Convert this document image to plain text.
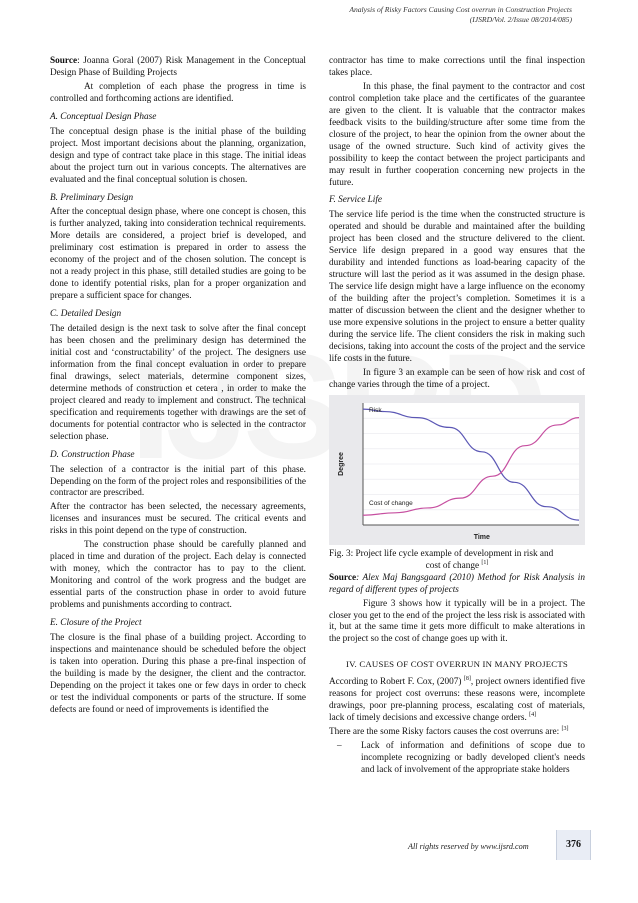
Analysis of Risky Factors Causing Cost overrun in Construction Projects
(IJSRD/Vol. 2/Issue 08/2014/085)

Source: Joanna Goral (2007) Risk Management in the Conceptual Design Phase of Building Projects

At completion of each phase the progress in time is controlled and forthcoming actions are identified.

A. Conceptual Design Phase

The conceptual design phase is the initial phase of the building project. Most important decisions about the planning, organization, design and type of contract take place in this stage. The initial ideas about the project turn out in various concepts. The alternatives are evaluated and the final conceptual solution is chosen.

B. Preliminary Design

After the conceptual design phase, where one concept is chosen, this is further analyzed, taking into consideration technical requirements. More details are considered, a project brief is developed, and preliminary cost estimation is prepared in order to assess the economy of the project and of the chosen solution. The concept is not a ready project in this phase, still detailed studies are going to be done to identify potential risks, plan for a proper organization and prepare a sufficient space for changes.

C. Detailed Design

The detailed design is the next task to solve after the final concept has been chosen and the preliminary design has determined the initial cost and ‘constructability’ of the project. The designers use information from the final concept evaluation in order to prepare final drawings, select materials, determine component sizes, determine methods of construction et cetera , in order to make the project cleared and ready to implement and construct. The technical specification and requirements together with drawings are the set of documents for potential contractor who is selected in the contractor selection phase.

D. Construction Phase

The selection of a contractor is the initial part of this phase. Depending on the form of the project roles and responsibilities of the contractor are prescribed.

After the contractor has been selected, the necessary agreements, licenses and insurances must be secured. The critical events and risks in this point depend on the type of construction.

The construction phase should be carefully planned and placed in time and duration of the project. Each delay is connected with money, which the contractor has to pay to the client. Monitoring and control of the work progress and the budget are essential parts of the construction phase in order to avoid future problems and punishments according to contract.

E. Closure of the Project

The closure is the final phase of a building project. According to inspections and maintenance should be scheduled before the object is taken into operation. During this phase a pre-final inspection of the building is made by the designer, the client and the contractor. Depending on the project it takes one or few days in order to check or test the individual components or parts of the structure. If some defects are found or need of improvements is identified the

contractor has time to make corrections until the final inspection takes place.

In this phase, the final payment to the contractor and cost control completion take place and the certificates of the guarantee are given to the client. It is valuable that the contractor makes feedback visits to the building/structure after some time from the closure of the project, to hear the opinion from the owner about the usage of the owned structure. Such kind of activity gives the possibility to keep the contact between the project participants and may result in further cooperation concerning new projects in the future.

F. Service Life

The service life period is the time when the constructed structure is operated and should be durable and maintained after the building project has been closed and the structure delivered to the client. Service life design prepared in a good way ensures that the durability and intended functions as load-bearing capacity of the structure will last the period as it was assumed in the design phase. The service life design might have a large influence on the economy of the building after the project’s completion. Sometimes it is a matter of discussion between the client and the designer whether to use more expensive solutions in the project to ensure a better quality during the service life. The client considers the risk in making such decisions, taking into account the costs of the project and the service life costs in the future.

In figure 3 an example can be seen of how risk and cost of change varies through the time of a project.

Degree
Time
Risk
Cost of change

Fig. 3: Project life cycle example of development in risk and

cost of change [1]

Source: Alex Maj Bangsgaard (2010) Method for Risk Analysis in regard of different types of projects

Figure 3 shows how it typically will be in a project. The closer you get to the end of the project the less risk is associated with it, but at the same time it gets more difficult to make alterations in the project so the cost of change goes up with it.

IV. CAUSES OF COST OVERRUN IN MANY PROJECTS

According to Robert F. Cox, (2007) [8], project owners identified five reasons for project cost overruns: these reasons were, incomplete drawings, poor pre-planning process, escalating cost of materials, lack of timely decisions and excessive change orders. [4]

There are the some Risky factors causes the cost overruns are: [3]

– Lack of information and definitions of scope due to incomplete recognizing or badly developed client's needs and lack of involvement of the appropriate stake holders
All rights reserved by www.ijsrd.com	376
